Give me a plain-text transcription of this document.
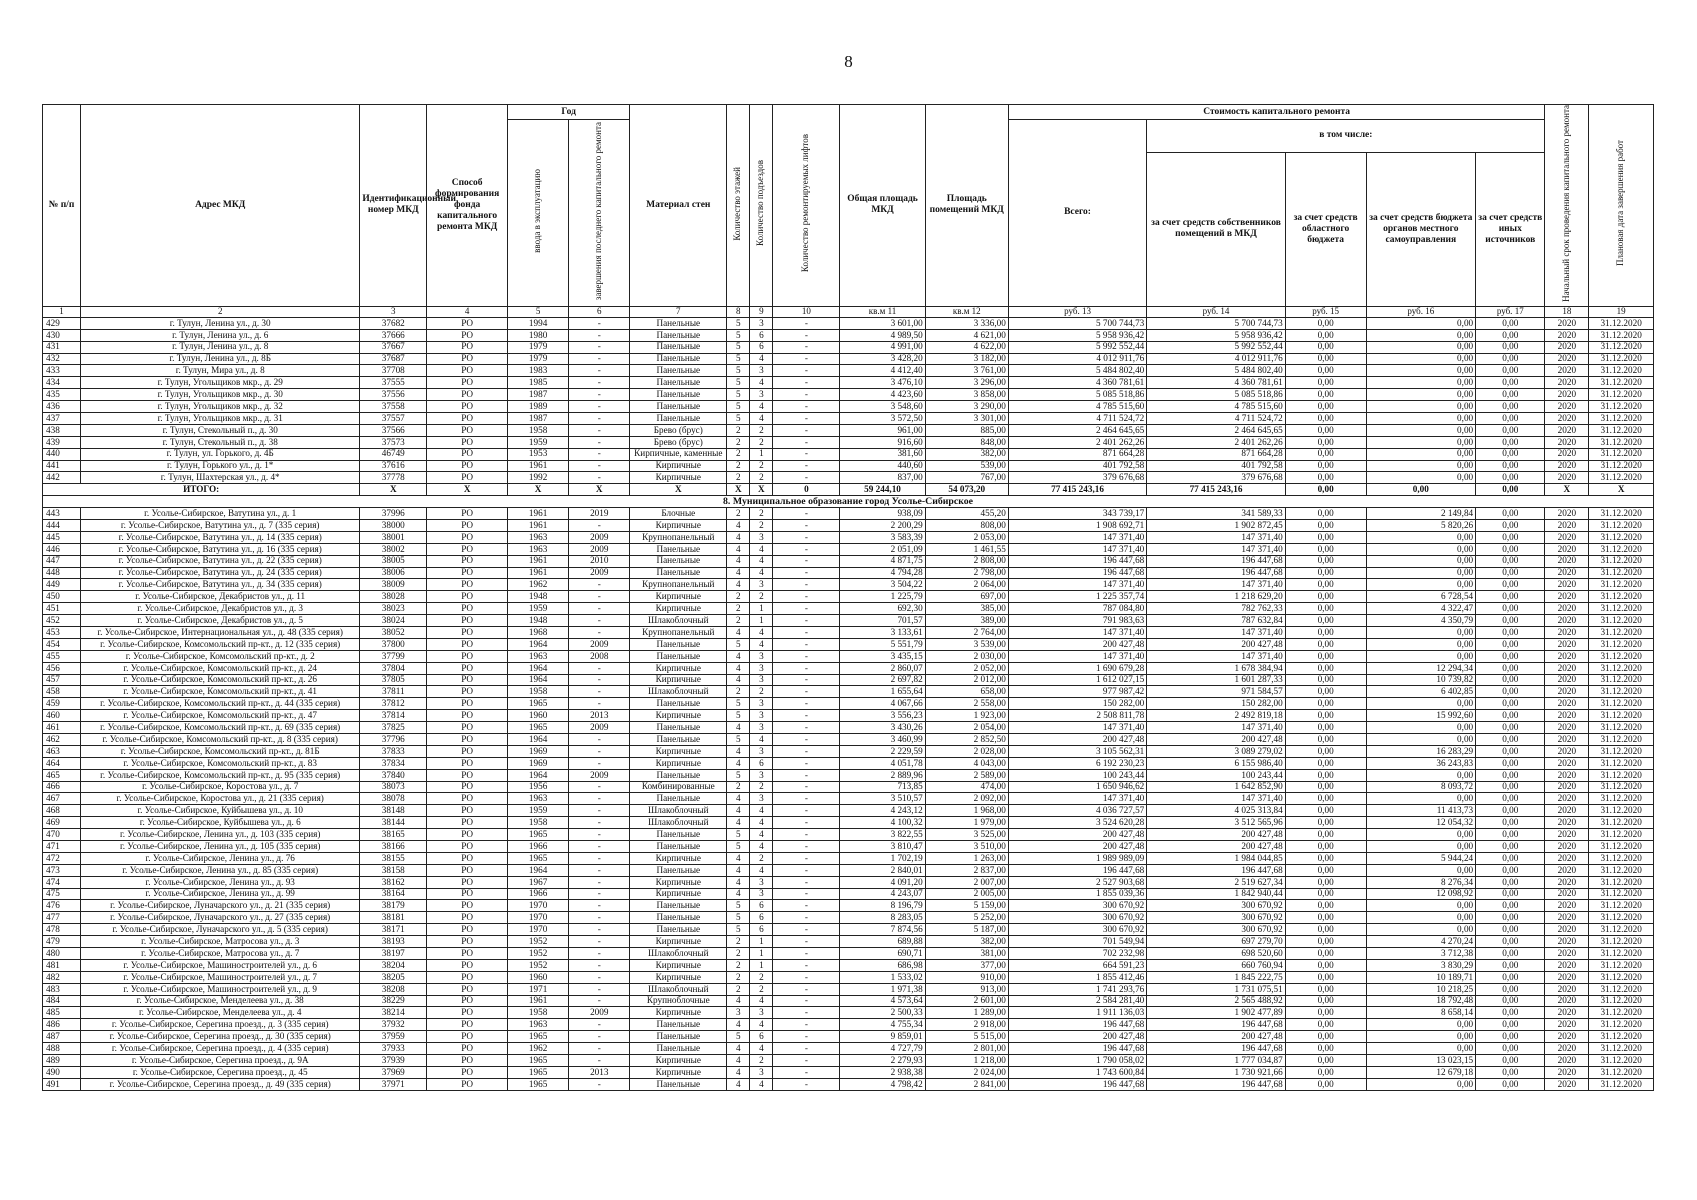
8
№ п/п	Адрес МКД	Идентификационный номер МКД	Способ формирования фонда капитального ремонта МКД	Год		Материал стен	Количество этажей	Количество подъездов	Количество ремонтируемых лифтов	Общая площадь МКД	Площадь помещений МКД	Стоимость капитального ремонта					Начальный срок проведения капитального ремонта	Плановая дата завершения работ
				ввода в эксплуатацию	завершения последнего капитального ремонта							Всего:	в том числе:					
													за счет средств собственников помещений в МКД	за счет средств областного бюджета	за счет средств бюджета органов местного самоуправления	за счет средств иных источников		
1	2	3	4	5	6	7	8	9	10	кв.м 11	кв.м 12	руб. 13	руб. 14	руб. 15	руб. 16	руб. 17	18	19
429	г. Тулун, Ленина ул., д. 30	37682	РО	1994	-	Панельные	5	3	-	3 601,00	3 336,00	5 700 744,73	5 700 744,73	0,00	0,00	0,00	2020	31.12.2020
430	г. Тулун, Ленина ул., д. 6	37666	РО	1980	-	Панельные	5	6	-	4 989,50	4 621,00	5 958 936,42	5 958 936,42	0,00	0,00	0,00	2020	31.12.2020
431	г. Тулун, Ленина ул., д. 8	37667	РО	1979	-	Панельные	5	6	-	4 991,00	4 622,00	5 992 552,44	5 992 552,44	0,00	0,00	0,00	2020	31.12.2020
432	г. Тулун, Ленина ул., д. 8Б	37687	РО	1979	-	Панельные	5	4	-	3 428,20	3 182,00	4 012 911,76	4 012 911,76	0,00	0,00	0,00	2020	31.12.2020
433	г. Тулун, Мира ул., д. 8	37708	РО	1983	-	Панельные	5	3	-	4 412,40	3 761,00	5 484 802,40	5 484 802,40	0,00	0,00	0,00	2020	31.12.2020
434	г. Тулун, Угольщиков мкр., д. 29	37555	РО	1985	-	Панельные	5	4	-	3 476,10	3 296,00	4 360 781,61	4 360 781,61	0,00	0,00	0,00	2020	31.12.2020
435	г. Тулун, Угольщиков мкр., д. 30	37556	РО	1987	-	Панельные	5	3	-	4 423,60	3 858,00	5 085 518,86	5 085 518,86	0,00	0,00	0,00	2020	31.12.2020
436	г. Тулун, Угольщиков мкр., д. 32	37558	РО	1989	-	Панельные	5	4	-	3 548,60	3 290,00	4 785 515,60	4 785 515,60	0,00	0,00	0,00	2020	31.12.2020
437	г. Тулун, Угольщиков мкр., д. 31	37557	РО	1987	-	Панельные	5	4	-	3 572,50	3 301,00	4 711 524,72	4 711 524,72	0,00	0,00	0,00	2020	31.12.2020
438	г. Тулун, Стекольный п., д. 30	37566	РО	1958	-	Брево (брус)	2	2	-	961,00	885,00	2 464 645,65	2 464 645,65	0,00	0,00	0,00	2020	31.12.2020
439	г. Тулун, Стекольный п., д. 38	37573	РО	1959	-	Брево (брус)	2	2	-	916,60	848,00	2 401 262,26	2 401 262,26	0,00	0,00	0,00	2020	31.12.2020
440	г. Тулун, ул. Горького, д. 4Б	46749	РО	1953	-	Кирпичные, каменные	2	1	-	381,60	382,00	871 664,28	871 664,28	0,00	0,00	0,00	2020	31.12.2020
441	г. Тулун, Горького ул., д. 1*	37616	РО	1961	-	Кирпичные	2	2	-	440,60	539,00	401 792,58	401 792,58	0,00	0,00	0,00	2020	31.12.2020
442	г. Тулун, Шахтерская ул., д. 4*	37778	РО	1992	-	Кирпичные	2	2	-	837,00	767,00	379 676,68	379 676,68	0,00	0,00	0,00	2020	31.12.2020
ИТОГО:		X	X	X	X	X	X	X	0	59 244,10	54 073,20	77 415 243,16	77 415 243,16	0,00	0,00	0,00	X	X
8. Муниципальное образование город Усолье-Сибирское																		
443	г. Усолье-Сибирское, Ватутина ул., д. 1	37996	РО	1961	2019	Блочные	2	2	-	938,09	455,20	343 739,17	341 589,33	0,00	2 149,84	0,00	2020	31.12.2020
444	г. Усолье-Сибирское, Ватутина ул., д. 7 (335 серия)	38000	РО	1961	-	Кирпичные	4	2	-	2 200,29	808,00	1 908 692,71	1 902 872,45	0,00	5 820,26	0,00	2020	31.12.2020
445	г. Усолье-Сибирское, Ватутина ул., д. 14 (335 серия)	38001	РО	1963	2009	Крупнопанельный	4	3	-	3 583,39	2 053,00	147 371,40	147 371,40	0,00	0,00	0,00	2020	31.12.2020
446	г. Усолье-Сибирское, Ватутина ул., д. 16 (335 серия)	38002	РО	1963	2009	Панельные	4	4	-	2 051,09	1 461,55	147 371,40	147 371,40	0,00	0,00	0,00	2020	31.12.2020
447	г. Усолье-Сибирское, Ватутина ул., д. 22 (335 серия)	38005	РО	1961	2010	Панельные	4	4	-	4 871,75	2 808,00	196 447,68	196 447,68	0,00	0,00	0,00	2020	31.12.2020
448	г. Усолье-Сибирское, Ватутина ул., д. 24 (335 серия)	38006	РО	1961	2009	Панельные	4	4	-	4 794,28	2 798,00	196 447,68	196 447,68	0,00	0,00	0,00	2020	31.12.2020
449	г. Усолье-Сибирское, Ватутина ул., д. 34 (335 серия)	38009	РО	1962	-	Крупнопанельный	4	3	-	3 504,22	2 064,00	147 371,40	147 371,40	0,00	0,00	0,00	2020	31.12.2020
450	г. Усолье-Сибирское, Декабристов ул., д. 11	38028	РО	1948	-	Кирпичные	2	2	-	1 225,79	697,00	1 225 357,74	1 218 629,20	0,00	6 728,54	0,00	2020	31.12.2020
451	г. Усолье-Сибирское, Декабристов ул., д. 3	38023	РО	1959	-	Кирпичные	2	1	-	692,30	385,00	787 084,80	782 762,33	0,00	4 322,47	0,00	2020	31.12.2020
452	г. Усолье-Сибирское, Декабристов ул., д. 5	38024	РО	1948	-	Шлакоблочный	2	1	-	701,57	389,00	791 983,63	787 632,84	0,00	4 350,79	0,00	2020	31.12.2020
453	г. Усолье-Сибирское, Интернациональная ул., д. 48 (335 серия)	38052	РО	1968	-	Крупнопанельный	4	4	-	3 133,61	2 764,00	147 371,40	147 371,40	0,00	0,00	0,00	2020	31.12.2020
454	г. Усолье-Сибирское, Комсомольский пр-кт., д. 12 (335 серия)	37800	РО	1964	2009	Панельные	5	4	-	5 551,79	3 539,00	200 427,48	200 427,48	0,00	0,00	0,00	2020	31.12.2020
455	г. Усолье-Сибирское, Комсомольский пр-кт., д. 2	37799	РО	1963	2008	Панельные	4	3	-	3 435,15	2 030,00	147 371,40	147 371,40	0,00	0,00	0,00	2020	31.12.2020
456	г. Усолье-Сибирское, Комсомольский пр-кт., д. 24	37804	РО	1964	-	Кирпичные	4	3	-	2 860,07	2 052,00	1 690 679,28	1 678 384,94	0,00	12 294,34	0,00	2020	31.12.2020
457	г. Усолье-Сибирское, Комсомольский пр-кт., д. 26	37805	РО	1964	-	Кирпичные	4	3	-	2 697,82	2 012,00	1 612 027,15	1 601 287,33	0,00	10 739,82	0,00	2020	31.12.2020
458	г. Усолье-Сибирское, Комсомольский пр-кт., д. 41	37811	РО	1958	-	Шлакоблочный	2	2	-	1 655,64	658,00	977 987,42	971 584,57	0,00	6 402,85	0,00	2020	31.12.2020
459	г. Усолье-Сибирское, Комсомольский пр-кт., д. 44 (335 серия)	37812	РО	1965	-	Панельные	5	3	-	4 067,66	2 558,00	150 282,00	150 282,00	0,00	0,00	0,00	2020	31.12.2020
460	г. Усолье-Сибирское, Комсомольский пр-кт., д. 47	37814	РО	1960	2013	Кирпичные	5	3	-	3 556,23	1 923,00	2 508 811,78	2 492 819,18	0,00	15 992,60	0,00	2020	31.12.2020
461	г. Усолье-Сибирское, Комсомольский пр-кт., д. 69 (335 серия)	37825	РО	1965	2009	Панельные	4	3	-	3 430,26	2 054,00	147 371,40	147 371,40	0,00	0,00	0,00	2020	31.12.2020
462	г. Усолье-Сибирское, Комсомольский пр-кт., д. 8 (335 серия)	37796	РО	1964	-	Панельные	5	4	-	3 460,99	2 852,50	200 427,48	200 427,48	0,00	0,00	0,00	2020	31.12.2020
463	г. Усолье-Сибирское, Комсомольский пр-кт., д. 81Б	37833	РО	1969	-	Кирпичные	4	3	-	2 229,59	2 028,00	3 105 562,31	3 089 279,02	0,00	16 283,29	0,00	2020	31.12.2020
464	г. Усолье-Сибирское, Комсомольский пр-кт., д. 83	37834	РО	1969	-	Кирпичные	4	6	-	4 051,78	4 043,00	6 192 230,23	6 155 986,40	0,00	36 243,83	0,00	2020	31.12.2020
465	г. Усолье-Сибирское, Комсомольский пр-кт., д. 95 (335 серия)	37840	РО	1964	2009	Панельные	5	3	-	2 889,96	2 589,00	100 243,44	100 243,44	0,00	0,00	0,00	2020	31.12.2020
466	г. Усолье-Сибирское, Коростова ул., д. 7	38073	РО	1956	-	Комбинированные	2	2	-	713,85	474,00	1 650 946,62	1 642 852,90	0,00	8 093,72	0,00	2020	31.12.2020
467	г. Усолье-Сибирское, Коростова ул., д. 21 (335 серия)	38078	РО	1963	-	Панельные	4	3	-	3 510,57	2 092,00	147 371,40	147 371,40	0,00	0,00	0,00	2020	31.12.2020
468	г. Усолье-Сибирское, Куйбышева ул., д. 10	38148	РО	1959	-	Шлакоблочный	4	4	-	4 243,12	1 968,00	4 036 727,57	4 025 313,84	0,00	11 413,73	0,00	2020	31.12.2020
469	г. Усолье-Сибирское, Куйбышева ул., д. 6	38144	РО	1958	-	Шлакоблочный	4	4	-	4 100,32	1 979,00	3 524 620,28	3 512 565,96	0,00	12 054,32	0,00	2020	31.12.2020
470	г. Усолье-Сибирское, Ленина ул., д. 103 (335 серия)	38165	РО	1965	-	Панельные	5	4	-	3 822,55	3 525,00	200 427,48	200 427,48	0,00	0,00	0,00	2020	31.12.2020
471	г. Усолье-Сибирское, Ленина ул., д. 105 (335 серия)	38166	РО	1966	-	Панельные	5	4	-	3 810,47	3 510,00	200 427,48	200 427,48	0,00	0,00	0,00	2020	31.12.2020
472	г. Усолье-Сибирское, Ленина ул., д. 76	38155	РО	1965	-	Кирпичные	4	2	-	1 702,19	1 263,00	1 989 989,09	1 984 044,85	0,00	5 944,24	0,00	2020	31.12.2020
473	г. Усолье-Сибирское, Ленина ул., д. 85 (335 серия)	38158	РО	1964	-	Панельные	4	4	-	2 840,01	2 837,00	196 447,68	196 447,68	0,00	0,00	0,00	2020	31.12.2020
474	г. Усолье-Сибирское, Ленина ул., д. 93	38162	РО	1967	-	Кирпичные	4	3	-	4 091,20	2 007,00	2 527 903,68	2 519 627,34	0,00	8 276,34	0,00	2020	31.12.2020
475	г. Усолье-Сибирское, Ленина ул., д. 99	38164	РО	1966	-	Кирпичные	4	3	-	4 243,07	2 005,00	1 855 039,36	1 842 940,44	0,00	12 098,92	0,00	2020	31.12.2020
476	г. Усолье-Сибирское, Луначарского ул., д. 21 (335 серия)	38179	РО	1970	-	Панельные	5	6	-	8 196,79	5 159,00	300 670,92	300 670,92	0,00	0,00	0,00	2020	31.12.2020
477	г. Усолье-Сибирское, Луначарского ул., д. 27 (335 серия)	38181	РО	1970	-	Панельные	5	6	-	8 283,05	5 252,00	300 670,92	300 670,92	0,00	0,00	0,00	2020	31.12.2020
478	г. Усолье-Сибирское, Луначарского ул., д. 5 (335 серия)	38171	РО	1970	-	Панельные	5	6	-	7 874,56	5 187,00	300 670,92	300 670,92	0,00	0,00	0,00	2020	31.12.2020
479	г. Усолье-Сибирское, Матросова ул., д. 3	38193	РО	1952	-	Кирпичные	2	1	-	689,88	382,00	701 549,94	697 279,70	0,00	4 270,24	0,00	2020	31.12.2020
480	г. Усолье-Сибирское, Матросова ул., д. 7	38197	РО	1952	-	Шлакоблочный	2	1	-	690,71	381,00	702 232,98	698 520,60	0,00	3 712,38	0,00	2020	31.12.2020
481	г. Усолье-Сибирское, Машиностроителей ул., д. 6	38204	РО	1952	-	Кирпичные	2	1	-	686,98	377,00	664 591,23	660 760,94	0,00	3 830,29	0,00	2020	31.12.2020
482	г. Усолье-Сибирское, Машиностроителей ул., д. 7	38205	РО	1960	-	Кирпичные	2	2	-	1 533,02	910,00	1 855 412,46	1 845 222,75	0,00	10 189,71	0,00	2020	31.12.2020
483	г. Усолье-Сибирское, Машиностроителей ул., д. 9	38208	РО	1971	-	Шлакоблочный	2	2	-	1 971,38	913,00	1 741 293,76	1 731 075,51	0,00	10 218,25	0,00	2020	31.12.2020
484	г. Усолье-Сибирское, Менделеева ул., д. 38	38229	РО	1961	-	Крупноблочные	4	4	-	4 573,64	2 601,00	2 584 281,40	2 565 488,92	0,00	18 792,48	0,00	2020	31.12.2020
485	г. Усолье-Сибирское, Менделеева ул., д. 4	38214	РО	1958	2009	Кирпичные	3	3	-	2 500,33	1 289,00	1 911 136,03	1 902 477,89	0,00	8 658,14	0,00	2020	31.12.2020
486	г. Усолье-Сибирское, Серегина проезд., д. 3 (335 серия)	37932	РО	1963	-	Панельные	4	4	-	4 755,34	2 918,00	196 447,68	196 447,68	0,00	0,00	0,00	2020	31.12.2020
487	г. Усолье-Сибирское, Серегина проезд., д. 30 (335 серия)	37959	РО	1965	-	Панельные	5	6	-	9 859,01	5 515,00	200 427,48	200 427,48	0,00	0,00	0,00	2020	31.12.2020
488	г. Усолье-Сибирское, Серегина проезд., д. 4 (335 серия)	37933	РО	1962	-	Панельные	4	4	-	4 727,79	2 801,00	196 447,68	196 447,68	0,00	0,00	0,00	2020	31.12.2020
489	г. Усолье-Сибирское, Серегина проезд., д. 9А	37939	РО	1965	-	Кирпичные	4	2	-	2 279,93	1 218,00	1 790 058,02	1 777 034,87	0,00	13 023,15	0,00	2020	31.12.2020
490	г. Усолье-Сибирское, Серегина проезд., д. 45	37969	РО	1965	2013	Кирпичные	4	3	-	2 938,38	2 024,00	1 743 600,84	1 730 921,66	0,00	12 679,18	0,00	2020	31.12.2020
491	г. Усолье-Сибирское, Серегина проезд., д. 49 (335 серия)	37971	РО	1965	-	Панельные	4	4	-	4 798,42	2 841,00	196 447,68	196 447,68	0,00	0,00	0,00	2020	31.12.2020
